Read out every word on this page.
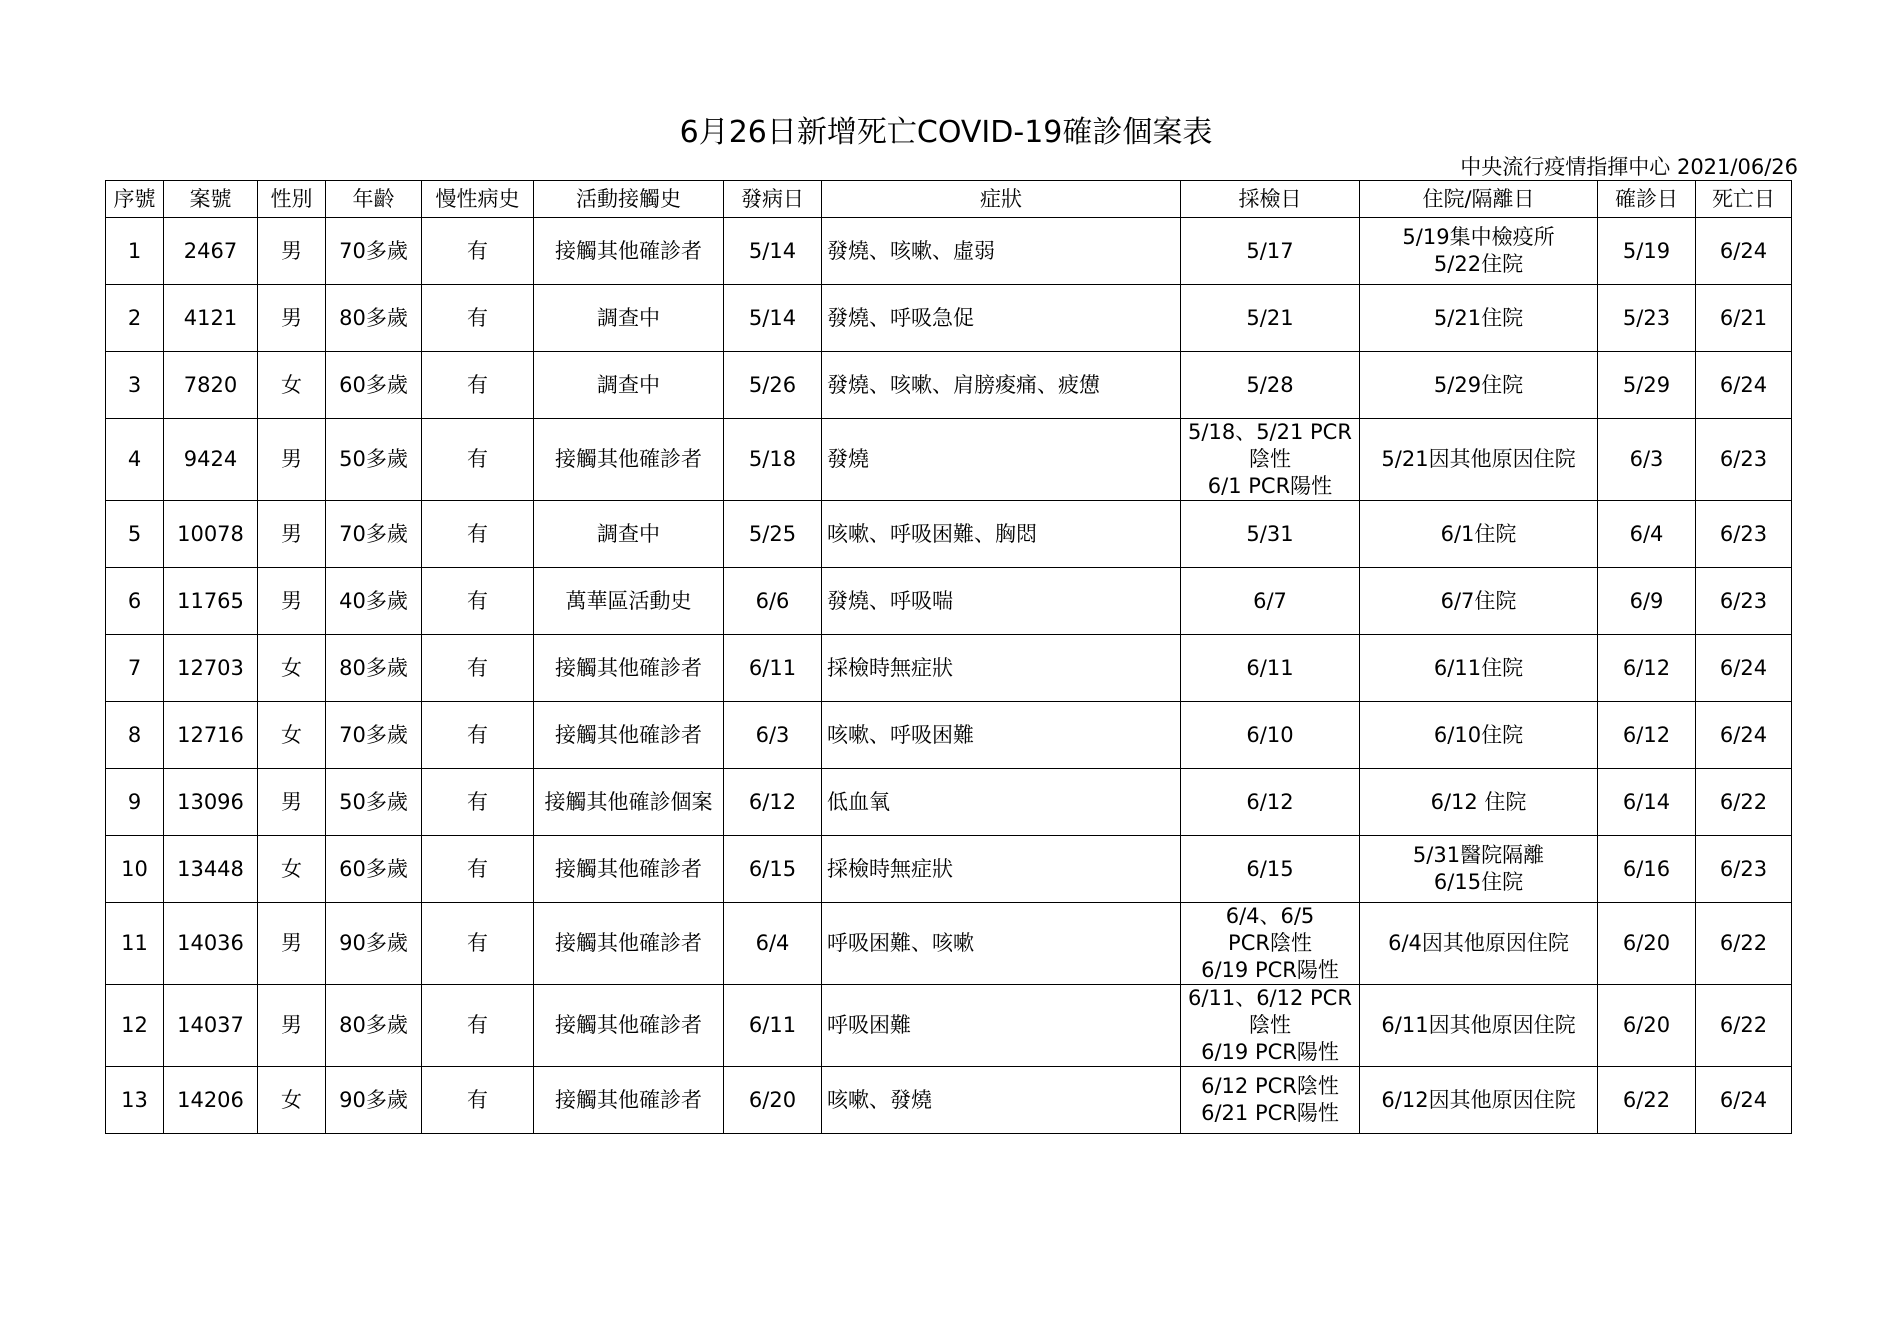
6月26日新增死亡COVID-19確診個案表
中央流行疫情指揮中心 2021/06/26
序號	案號	性別	年齡	慢性病史	活動接觸史	發病日	症狀	採檢日	住院/隔離日	確診日	死亡日
1	2467	男	70多歲	有	接觸其他確診者	5/14	發燒、咳嗽、虛弱	5/17	5/19集中檢疫所
5/22住院	5/19	6/24
2	4121	男	80多歲	有	調查中	5/14	發燒、呼吸急促	5/21	5/21住院	5/23	6/21
3	7820	女	60多歲	有	調查中	5/26	發燒、咳嗽、肩膀痠痛、疲憊	5/28	5/29住院	5/29	6/24
4	9424	男	50多歲	有	接觸其他確診者	5/18	發燒	5/18、5/21 PCR
陰性
6/1 PCR陽性	5/21因其他原因住院	6/3	6/23
5	10078	男	70多歲	有	調查中	5/25	咳嗽、呼吸困難、胸悶	5/31	6/1住院	6/4	6/23
6	11765	男	40多歲	有	萬華區活動史	6/6	發燒、呼吸喘	6/7	6/7住院	6/9	6/23
7	12703	女	80多歲	有	接觸其他確診者	6/11	採檢時無症狀	6/11	6/11住院	6/12	6/24
8	12716	女	70多歲	有	接觸其他確診者	6/3	咳嗽、呼吸困難	6/10	6/10住院	6/12	6/24
9	13096	男	50多歲	有	接觸其他確診個案	6/12	低血氧	6/12	6/12 住院	6/14	6/22
10	13448	女	60多歲	有	接觸其他確診者	6/15	採檢時無症狀	6/15	5/31醫院隔離
6/15住院	6/16	6/23
11	14036	男	90多歲	有	接觸其他確診者	6/4	呼吸困難、咳嗽	6/4、6/5
PCR陰性
6/19 PCR陽性	6/4因其他原因住院	6/20	6/22
12	14037	男	80多歲	有	接觸其他確診者	6/11	呼吸困難	6/11、6/12 PCR
陰性
6/19 PCR陽性	6/11因其他原因住院	6/20	6/22
13	14206	女	90多歲	有	接觸其他確診者	6/20	咳嗽、發燒	6/12 PCR陰性
6/21 PCR陽性	6/12因其他原因住院	6/22	6/24
